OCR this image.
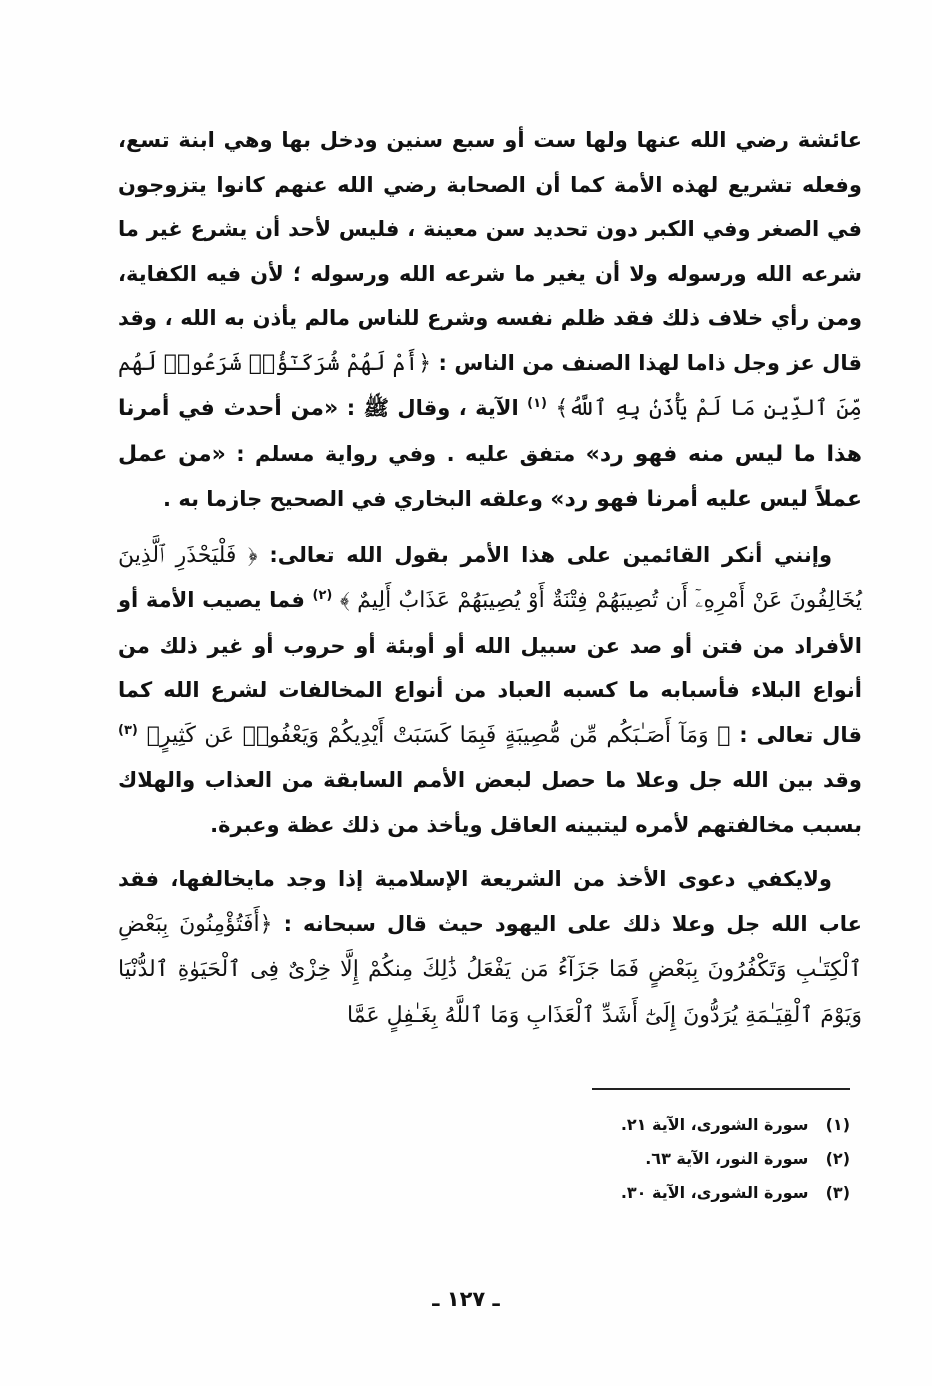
عائشة رضي الله عنها ولها ست أو سبع سنين ودخل بها وهي ابنة تسع، وفعله تشريع لهذه الأمة كما أن الصحابة رضي الله عنهم كانوا يتزوجون في الصغر وفي الكبر دون تحديد سن معينة ، فليس لأحد أن يشرع غير ما شرعه الله ورسوله ولا أن يغير ما شرعه الله ورسوله ؛ لأن فيه الكفاية، ومن رأي خلاف ذلك فقد ظلم نفسه وشرع للناس مالم يأذن به الله ، وقد قال عز وجل ذاما لهذا الصنف من الناس : ﴿أَمْ لَهُمْ شُرَكَـٰٓؤُا۟ شَرَعُوا۟ لَهُم مِّنَ ٱلدِّينِ مَا لَمْ يَأْذَنۢ بِهِ ٱللَّهُ﴾ $^{(١)}$ الآية ، وقال ﷺ : «من أحدث في أمرنا هذا ما ليس منه فهو رد» متفق عليه . وفي رواية مسلم : «من عمل عملاً ليس عليه أمرنا فهو رد» وعلقه البخاري في الصحيح جازما به .

وإنني أنكر القائمين على هذا الأمر بقول الله تعالى: ﴿ فَلْيَحْذَرِ ٱلَّذِينَ يُخَالِفُونَ عَنْ أَمْرِهِۦٓ أَن تُصِيبَهُمْ فِتْنَةٌ أَوْ يُصِيبَهُمْ عَذَابٌ أَلِيمٌ ﴾ $^{(٢)}$ فما يصيب الأمة أو الأفراد من فتن أو صد عن سبيل الله أو أوبئة أو حروب أو غير ذلك من أنواع البلاء فأسبابه ما كسبه العباد من أنواع المخالفات لشرع الله كما قال تعالى : ﴿ وَمَآ أَصَـٰبَكُم مِّن مُّصِيبَةٍ فَبِمَا كَسَبَتْ أَيْدِيكُمْ وَيَعْفُوا۟ عَن كَثِيرٍ﴾ $^{(٣)}$ وقد بين الله جل وعلا ما حصل لبعض الأمم السابقة من العذاب والهلاك بسبب مخالفتهم لأمره ليتبينه العاقل ويأخذ من ذلك عظة وعبرة.

ولايكفي دعوى الأخذ من الشريعة الإسلامية إذا وجد مايخالفها، فقد عاب الله جل وعلا ذلك على اليهود حيث قال سبحانه : ﴿أَفَتُؤْمِنُونَ بِبَعْضِ ٱلْكِتَـٰبِ وَتَكْفُرُونَ بِبَعْضٍ فَمَا جَزَآءُ مَن يَفْعَلُ ذَٰلِكَ مِنكُمْ إِلَّا خِزْىٌ فِى ٱلْحَيَوٰةِ ٱلدُّنْيَا وَيَوْمَ ٱلْقِيَـٰمَةِ يُرَدُّونَ إِلَىٰٓ أَشَدِّ ٱلْعَذَابِ وَمَا ٱللَّهُ بِغَـٰفِلٍ عَمَّا

(١) سورة الشورى، الآية ٢١.
(٢) سورة النور، الآية ٦٣.
(٣) سورة الشورى، الآية ٣٠.
ـ ١٢٧ ـ
